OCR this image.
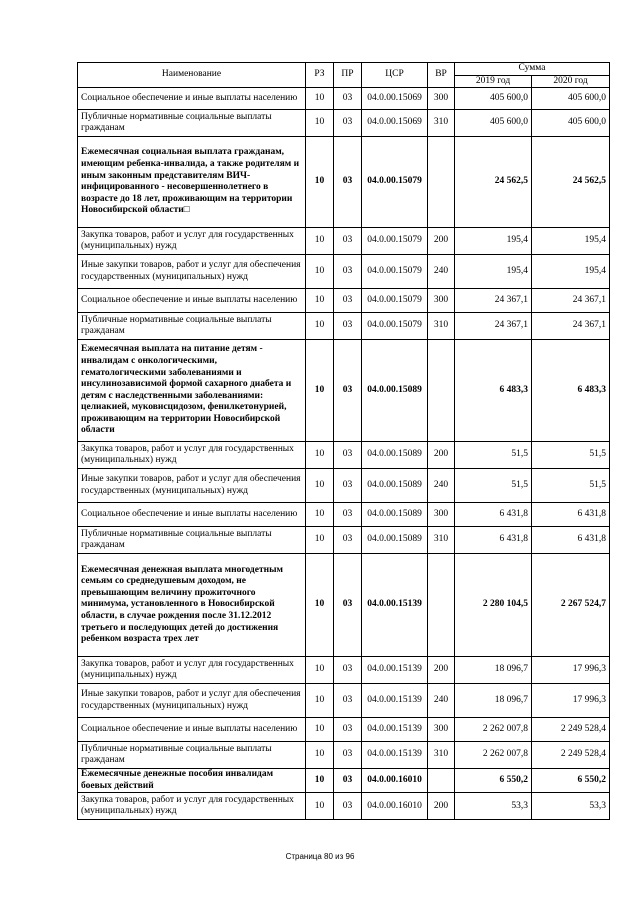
Наименование	РЗ	ПР	ЦСР	ВР	Сумма	
					2019 год	2020 год
Социальное обеспечение и иные выплаты населению	10	03	04.0.00.15069	300	405 600,0	405 600,0
Публичные нормативные социальные выплаты гражданам	10	03	04.0.00.15069	310	405 600,0	405 600,0
Ежемесячная социальная выплата гражданам, имеющим ребенка-инвалида, а также родителям и иным законным представителям ВИЧ-инфицированного - несовершеннолетнего в возрасте до 18 лет, проживающим на территории Новосибирской области□	10	03	04.0.00.15079		24 562,5	24 562,5
Закупка товаров, работ и услуг для государственных (муниципальных) нужд	10	03	04.0.00.15079	200	195,4	195,4
Иные закупки товаров, работ и услуг для обеспечения государственных (муниципальных) нужд	10	03	04.0.00.15079	240	195,4	195,4
Социальное обеспечение и иные выплаты населению	10	03	04.0.00.15079	300	24 367,1	24 367,1
Публичные нормативные социальные выплаты гражданам	10	03	04.0.00.15079	310	24 367,1	24 367,1
Ежемесячная выплата на питание детям - инвалидам с онкологическими, гематологическими заболеваниями и инсулинозависимой формой сахарного диабета и детям с наследственными заболеваниями: целиакией, муковисцидозом, фенилкетонурией, проживающим на территории Новосибирской области	10	03	04.0.00.15089		6 483,3	6 483,3
Закупка товаров, работ и услуг для государственных (муниципальных) нужд	10	03	04.0.00.15089	200	51,5	51,5
Иные закупки товаров, работ и услуг для обеспечения государственных (муниципальных) нужд	10	03	04.0.00.15089	240	51,5	51,5
Социальное обеспечение и иные выплаты населению	10	03	04.0.00.15089	300	6 431,8	6 431,8
Публичные нормативные социальные выплаты гражданам	10	03	04.0.00.15089	310	6 431,8	6 431,8
Ежемесячная денежная выплата многодетным семьям со среднедушевым доходом, не превышающим величину прожиточного минимума, установленного в Новосибирской области, в случае рождения после 31.12.2012 третьего и последующих детей до достижения ребенком возраста трех лет	10	03	04.0.00.15139		2 280 104,5	2 267 524,7
Закупка товаров, работ и услуг для государственных (муниципальных) нужд	10	03	04.0.00.15139	200	18 096,7	17 996,3
Иные закупки товаров, работ и услуг для обеспечения государственных (муниципальных) нужд	10	03	04.0.00.15139	240	18 096,7	17 996,3
Социальное обеспечение и иные выплаты населению	10	03	04.0.00.15139	300	2 262 007,8	2 249 528,4
Публичные нормативные социальные выплаты гражданам	10	03	04.0.00.15139	310	2 262 007,8	2 249 528,4
Ежемесячные денежные пособия инвалидам боевых действий	10	03	04.0.00.16010		6 550,2	6 550,2
Закупка товаров, работ и услуг для государственных (муниципальных) нужд	10	03	04.0.00.16010	200	53,3	53,3
Страница 80 из 96
